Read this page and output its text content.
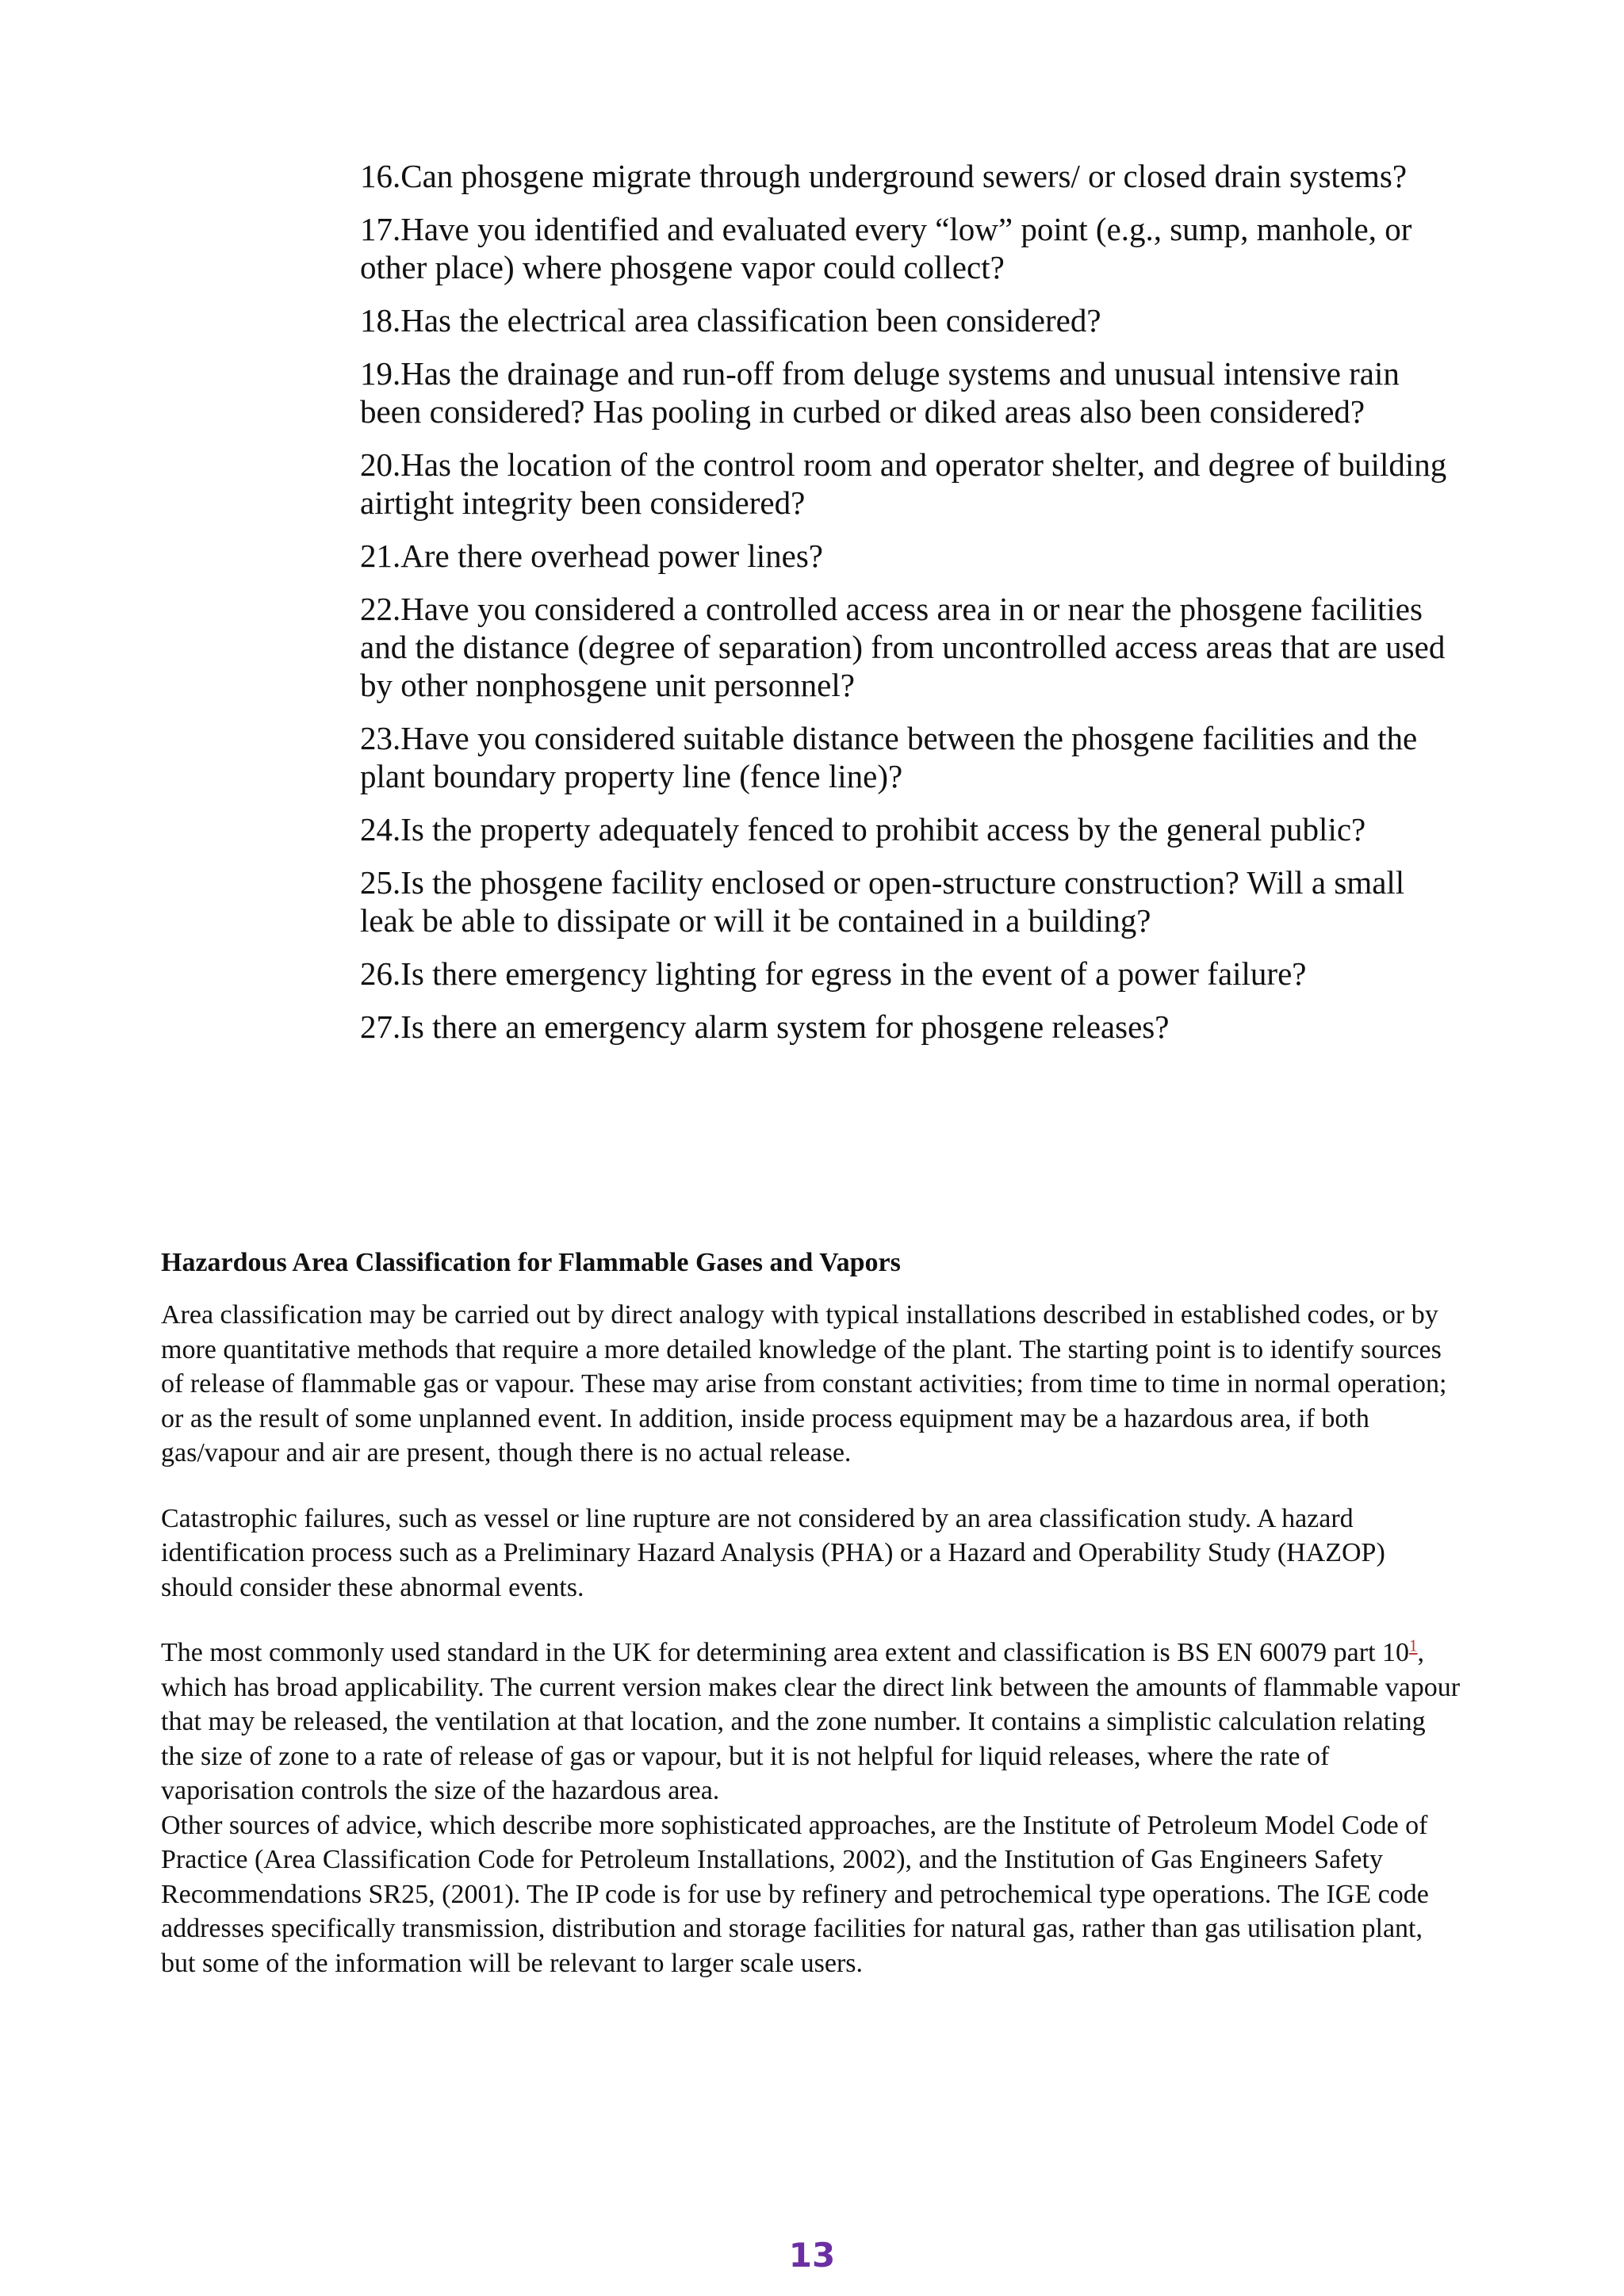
16.Can phosgene migrate through underground sewers/ or closed drain systems?
17.Have you identified and evaluated every “low” point (e.g., sump, manhole, or other place) where phosgene vapor could collect?
18.Has the electrical area classification been considered?
19.Has the drainage and run-off from deluge systems and unusual intensive rain been considered? Has pooling in curbed or diked areas also been considered?
20.Has the location of the control room and operator shelter, and degree of building airtight integrity been considered?
21.Are there overhead power lines?
22.Have you considered a controlled access area in or near the phosgene facilities and the distance (degree of separation) from uncontrolled access areas that are used by other nonphosgene unit personnel?
23.Have you considered suitable distance between the phosgene facilities and the plant boundary property line (fence line)?
24.Is the property adequately fenced to prohibit access by the general public?
25.Is the phosgene facility enclosed or open-structure construction? Will a small leak be able to dissipate or will it be contained in a building?
26.Is there emergency lighting for egress in the event of a power failure?
27.Is there an emergency alarm system for phosgene releases?
Hazardous Area Classification for Flammable Gases and Vapors

Area classification may be carried out by direct analogy with typical installations described in established codes, or by more quantitative methods that require a more detailed knowledge of the plant. The starting point is to identify sources of release of flammable gas or vapour. These may arise from constant activities; from time to time in normal operation; or as the result of some unplanned event. In addition, inside process equipment may be a hazardous area, if both gas/vapour and air are present, though there is no actual release.

Catastrophic failures, such as vessel or line rupture are not considered by an area classification study. A hazard identification process such as a Preliminary Hazard Analysis (PHA) or a Hazard and Operability Study (HAZOP) should consider these abnormal events.

The most commonly used standard in the UK for determining area extent and classification is BS EN 60079 part 10$^1$, which has broad applicability. The current version makes clear the direct link between the amounts of flammable vapour that may be released, the ventilation at that location, and the zone number. It contains a simplistic calculation relating the size of zone to a rate of release of gas or vapour, but it is not helpful for liquid releases, where the rate of vaporisation controls the size of the hazardous area.

Other sources of advice, which describe more sophisticated approaches, are the Institute of Petroleum Model Code of Practice (Area Classification Code for Petroleum Installations, 2002), and the Institution of Gas Engineers Safety Recommendations SR25, (2001). The IP code is for use by refinery and petrochemical type operations. The IGE code addresses specifically transmission, distribution and storage facilities for natural gas, rather than gas utilisation plant, but some of the information will be relevant to larger scale users.

13
